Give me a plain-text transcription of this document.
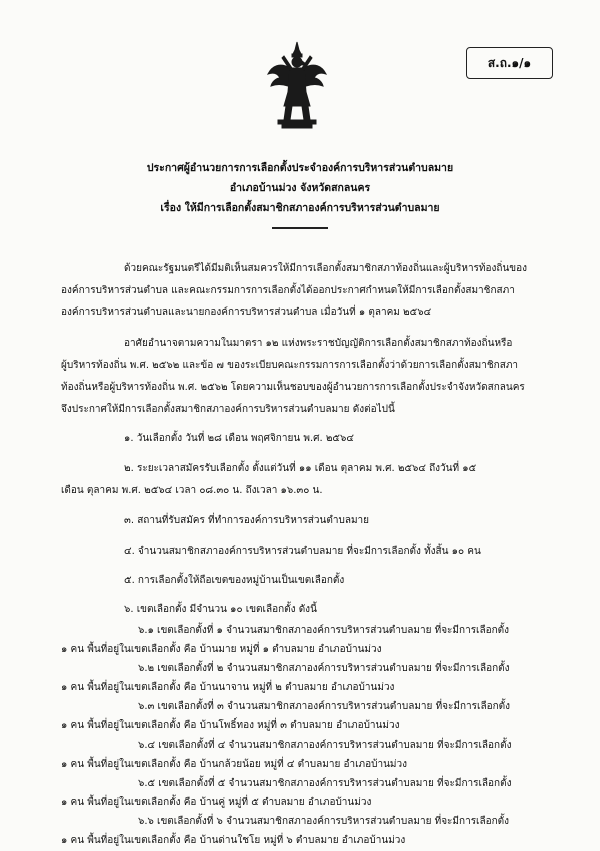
ส.ถ.๑/๑
ประกาศผู้อำนวยการการเลือกตั้งประจำองค์การบริหารส่วนตำบลมาย
อำเภอบ้านม่วง จังหวัดสกลนคร
เรื่อง ให้มีการเลือกตั้งสมาชิกสภาองค์การบริหารส่วนตำบลมาย
ด้วยคณะรัฐมนตรีได้มีมติเห็นสมควรให้มีการเลือกตั้งสมาชิกสภาท้องถิ่นและผู้บริหารท้องถิ่นของ
องค์การบริหารส่วนตำบล และคณะกรรมการการเลือกตั้งได้ออกประกาศกำหนดให้มีการเลือกตั้งสมาชิกสภา
องค์การบริหารส่วนตำบลและนายกองค์การบริหารส่วนตำบล เมื่อวันที่ ๑ ตุลาคม ๒๕๖๔
อาศัยอำนาจตามความในมาตรา ๑๒ แห่งพระราชบัญญัติการเลือกตั้งสมาชิกสภาท้องถิ่นหรือ
ผู้บริหารท้องถิ่น พ.ศ. ๒๕๖๒ และข้อ ๗ ของระเบียบคณะกรรมการการเลือกตั้งว่าด้วยการเลือกตั้งสมาชิกสภา
ท้องถิ่นหรือผู้บริหารท้องถิ่น พ.ศ. ๒๕๖๒ โดยความเห็นชอบของผู้อำนวยการการเลือกตั้งประจำจังหวัดสกลนคร
จึงประกาศให้มีการเลือกตั้งสมาชิกสภาองค์การบริหารส่วนตำบลมาย ดังต่อไปนี้
๑. วันเลือกตั้ง วันที่ ๒๘ เดือน พฤศจิกายน พ.ศ. ๒๕๖๔
๒. ระยะเวลาสมัครรับเลือกตั้ง ตั้งแต่วันที่ ๑๑ เดือน ตุลาคม พ.ศ. ๒๕๖๔ ถึงวันที่ ๑๕
เดือน ตุลาคม พ.ศ. ๒๕๖๔ เวลา ๐๘.๓๐ น. ถึงเวลา ๑๖.๓๐ น.
๓. สถานที่รับสมัคร ที่ทำการองค์การบริหารส่วนตำบลมาย
๔. จำนวนสมาชิกสภาองค์การบริหารส่วนตำบลมาย ที่จะมีการเลือกตั้ง ทั้งสิ้น ๑๐ คน
๕. การเลือกตั้งให้ถือเขตของหมู่บ้านเป็นเขตเลือกตั้ง
๖. เขตเลือกตั้ง มีจำนวน ๑๐ เขตเลือกตั้ง ดังนี้
๖.๑ เขตเลือกตั้งที่ ๑ จำนวนสมาชิกสภาองค์การบริหารส่วนตำบลมาย ที่จะมีการเลือกตั้ง
๑ คน พื้นที่อยู่ในเขตเลือกตั้ง คือ บ้านมาย หมู่ที่ ๑ ตำบลมาย อำเภอบ้านม่วง
๖.๒ เขตเลือกตั้งที่ ๒ จำนวนสมาชิกสภาองค์การบริหารส่วนตำบลมาย ที่จะมีการเลือกตั้ง
๑ คน พื้นที่อยู่ในเขตเลือกตั้ง คือ บ้านนาจาน หมู่ที่ ๒ ตำบลมาย อำเภอบ้านม่วง
๖.๓ เขตเลือกตั้งที่ ๓ จำนวนสมาชิกสภาองค์การบริหารส่วนตำบลมาย ที่จะมีการเลือกตั้ง
๑ คน พื้นที่อยู่ในเขตเลือกตั้ง คือ บ้านโพธิ์ทอง หมู่ที่ ๓ ตำบลมาย อำเภอบ้านม่วง
๖.๔ เขตเลือกตั้งที่ ๔ จำนวนสมาชิกสภาองค์การบริหารส่วนตำบลมาย ที่จะมีการเลือกตั้ง
๑ คน พื้นที่อยู่ในเขตเลือกตั้ง คือ บ้านกล้วยน้อย หมู่ที่ ๔ ตำบลมาย อำเภอบ้านม่วง
๖.๕ เขตเลือกตั้งที่ ๕ จำนวนสมาชิกสภาองค์การบริหารส่วนตำบลมาย ที่จะมีการเลือกตั้ง
๑ คน พื้นที่อยู่ในเขตเลือกตั้ง คือ บ้านคู่ หมู่ที่ ๕ ตำบลมาย อำเภอบ้านม่วง
๖.๖ เขตเลือกตั้งที่ ๖ จำนวนสมาชิกสภาองค์การบริหารส่วนตำบลมาย ที่จะมีการเลือกตั้ง
๑ คน พื้นที่อยู่ในเขตเลือกตั้ง คือ บ้านด่านใชโย หมู่ที่ ๖ ตำบลมาย อำเภอบ้านม่วง
